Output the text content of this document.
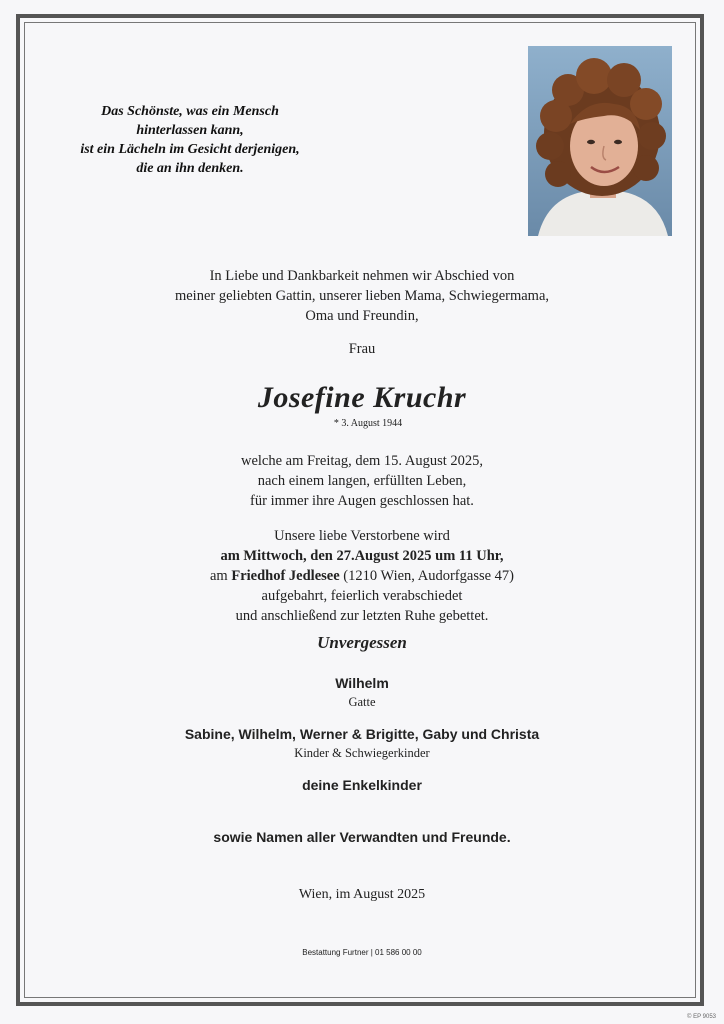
Das Schönste, was ein Mensch
hinterlassen kann,
ist ein Lächeln im Gesicht derjenigen,
die an ihn denken.
In Liebe und Dankbarkeit nehmen wir Abschied von
meiner geliebten Gattin, unserer lieben Mama, Schwiegermama,
Oma und Freundin,
Frau
Josefine Kruchr
* 3. August 1944
welche am Freitag, dem 15. August 2025,
nach einem langen, erfüllten Leben,
für immer ihre Augen geschlossen hat.
Unsere liebe Verstorbene wird
am Mittwoch, den 27.August 2025 um 11 Uhr,
am Friedhof Jedlesee (1210 Wien, Audorfgasse 47)
aufgebahrt, feierlich verabschiedet
und anschließend zur letzten Ruhe gebettet.
Unvergessen
Wilhelm
Gatte
Sabine, Wilhelm, Werner & Brigitte, Gaby und Christa
Kinder & Schwiegerkinder
deine Enkelkinder
sowie Namen aller Verwandten und Freunde.
Wien, im August 2025
Bestattung Furtner | 01 586 00 00
© EP 9053
